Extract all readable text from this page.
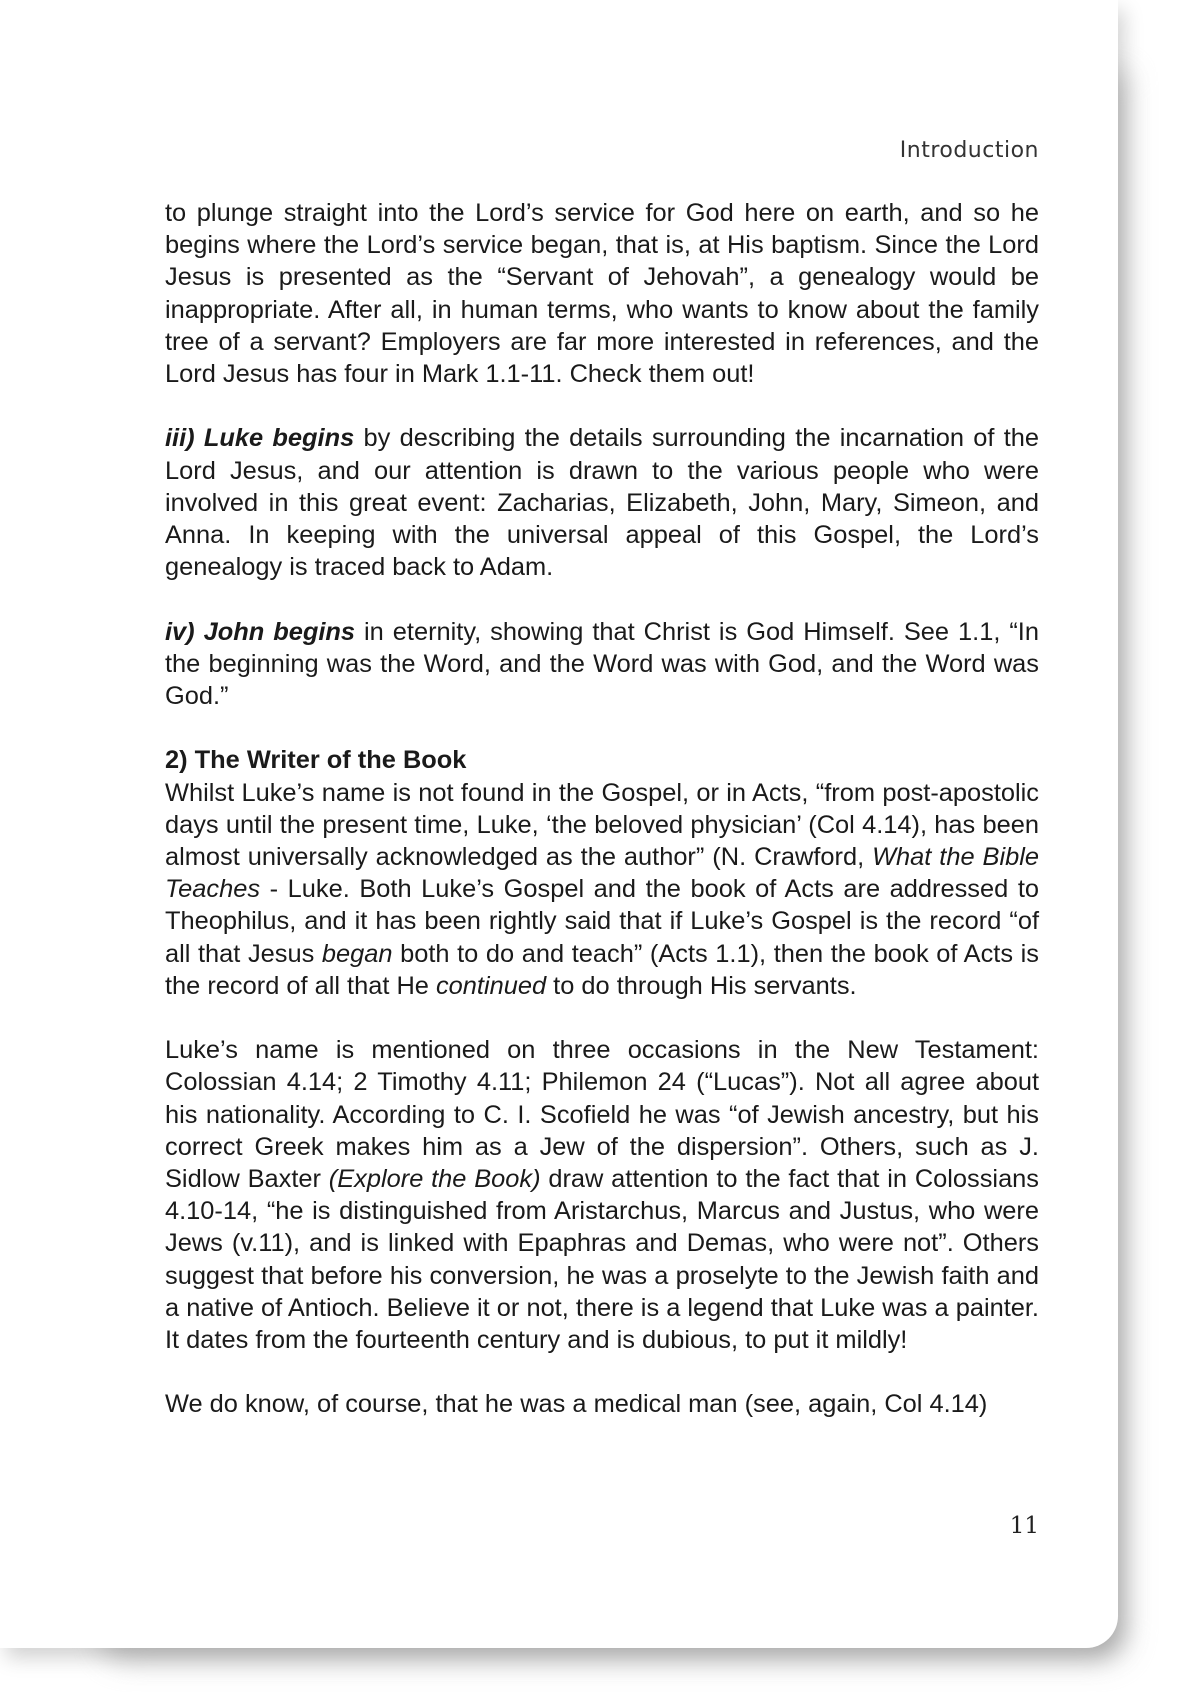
Introduction

to plunge straight into the Lord’s service for God here on earth, and so he begins where the Lord’s service began, that is, at His baptism. Since the Lord Jesus is presented as the “Servant of Jehovah”, a genealogy would be inappropriate. After all, in human terms, who wants to know about the family tree of a servant? Employers are far more interested in references, and the Lord Jesus has four in Mark 1.1-11. Check them out!

iii) Luke begins by describing the details surrounding the incarnation of the Lord Jesus, and our attention is drawn to the various people who were involved in this great event: Zacharias, Elizabeth, John, Mary, Simeon, and Anna. In keeping with the universal appeal of this Gospel, the Lord’s genealogy is traced back to Adam.

iv) John begins in eternity, showing that Christ is God Himself. See 1.1, “In the beginning was the Word, and the Word was with God, and the Word was God.”

2) The Writer of the Book

Whilst Luke’s name is not found in the Gospel, or in Acts, “from post-apostolic days until the present time, Luke, ‘the beloved physician’ (Col 4.14), has been almost universally acknowledged as the author” (N. Crawford, What the Bible Teaches - Luke. Both Luke’s Gospel and the book of Acts are addressed to Theophilus, and it has been rightly said that if Luke’s Gospel is the record “of all that Jesus began both to do and teach” (Acts 1.1), then the book of Acts is the record of all that He continued to do through His servants.

Luke’s name is mentioned on three occasions in the New Testament: Colossian 4.14; 2 Timothy 4.11; Philemon 24 (“Lucas”). Not all agree about his nationality. According to C. I. Scofield he was “of Jewish ancestry, but his correct Greek makes him as a Jew of the dispersion”. Others, such as J. Sidlow Baxter (Explore the Book) draw attention to the fact that in Colossians 4.10-14, “he is distinguished from Aristarchus, Marcus and Justus, who were Jews (v.11), and is linked with Epaphras and Demas, who were not”. Others suggest that before his conversion, he was a proselyte to the Jewish faith and a native of Antioch. Believe it or not, there is a legend that Luke was a painter. It dates from the fourteenth century and is dubious, to put it mildly!

We do know, of course, that he was a medical man (see, again, Col 4.14)

11
